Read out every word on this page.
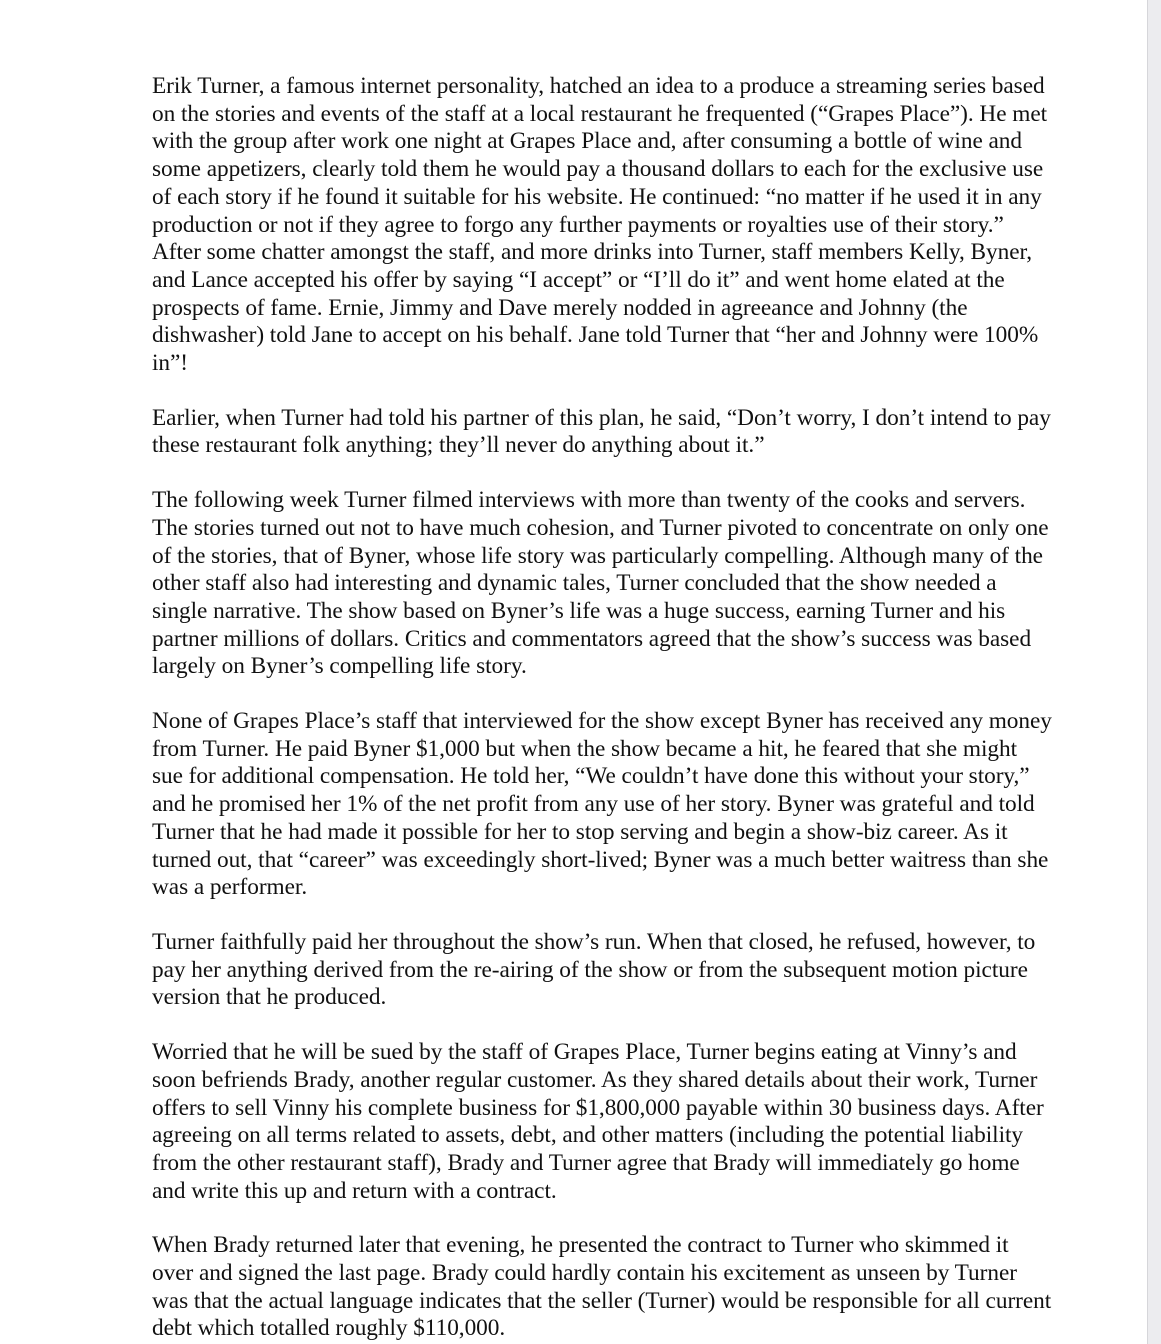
Erik Turner, a famous internet personality, hatched an idea to a produce a streaming series based
on the stories and events of the staff at a local restaurant he frequented (“Grapes Place”). He met
with the group after work one night at Grapes Place and, after consuming a bottle of wine and
some appetizers, clearly told them he would pay a thousand dollars to each for the exclusive use
of each story if he found it suitable for his website. He continued: “no matter if he used it in any
production or not if they agree to forgo any further payments or royalties use of their story.”
After some chatter amongst the staff, and more drinks into Turner, staff members Kelly, Byner,
and Lance accepted his offer by saying “I accept” or “I’ll do it” and went home elated at the
prospects of fame. Ernie, Jimmy and Dave merely nodded in agreeance and Johnny (the
dishwasher) told Jane to accept on his behalf. Jane told Turner that “her and Johnny were 100%
in”!

Earlier, when Turner had told his partner of this plan, he said, “Don’t worry, I don’t intend to pay
these restaurant folk anything; they’ll never do anything about it.”

The following week Turner filmed interviews with more than twenty of the cooks and servers.
The stories turned out not to have much cohesion, and Turner pivoted to concentrate on only one
of the stories, that of Byner, whose life story was particularly compelling. Although many of the
other staff also had interesting and dynamic tales, Turner concluded that the show needed a
single narrative. The show based on Byner’s life was a huge success, earning Turner and his
partner millions of dollars. Critics and commentators agreed that the show’s success was based
largely on Byner’s compelling life story.

None of Grapes Place’s staff that interviewed for the show except Byner has received any money
from Turner. He paid Byner $1,000 but when the show became a hit, he feared that she might
sue for additional compensation. He told her, “We couldn’t have done this without your story,”
and he promised her 1% of the net profit from any use of her story. Byner was grateful and told
Turner that he had made it possible for her to stop serving and begin a show-biz career. As it
turned out, that “career” was exceedingly short-lived; Byner was a much better waitress than she
was a performer.

Turner faithfully paid her throughout the show’s run. When that closed, he refused, however, to
pay her anything derived from the re-airing of the show or from the subsequent motion picture
version that he produced.

Worried that he will be sued by the staff of Grapes Place, Turner begins eating at Vinny’s and
soon befriends Brady, another regular customer. As they shared details about their work, Turner
offers to sell Vinny his complete business for $1,800,000 payable within 30 business days. After
agreeing on all terms related to assets, debt, and other matters (including the potential liability
from the other restaurant staff), Brady and Turner agree that Brady will immediately go home
and write this up and return with a contract.

When Brady returned later that evening, he presented the contract to Turner who skimmed it
over and signed the last page. Brady could hardly contain his excitement as unseen by Turner
was that the actual language indicates that the seller (Turner) would be responsible for all current
debt which totalled roughly $110,000.
